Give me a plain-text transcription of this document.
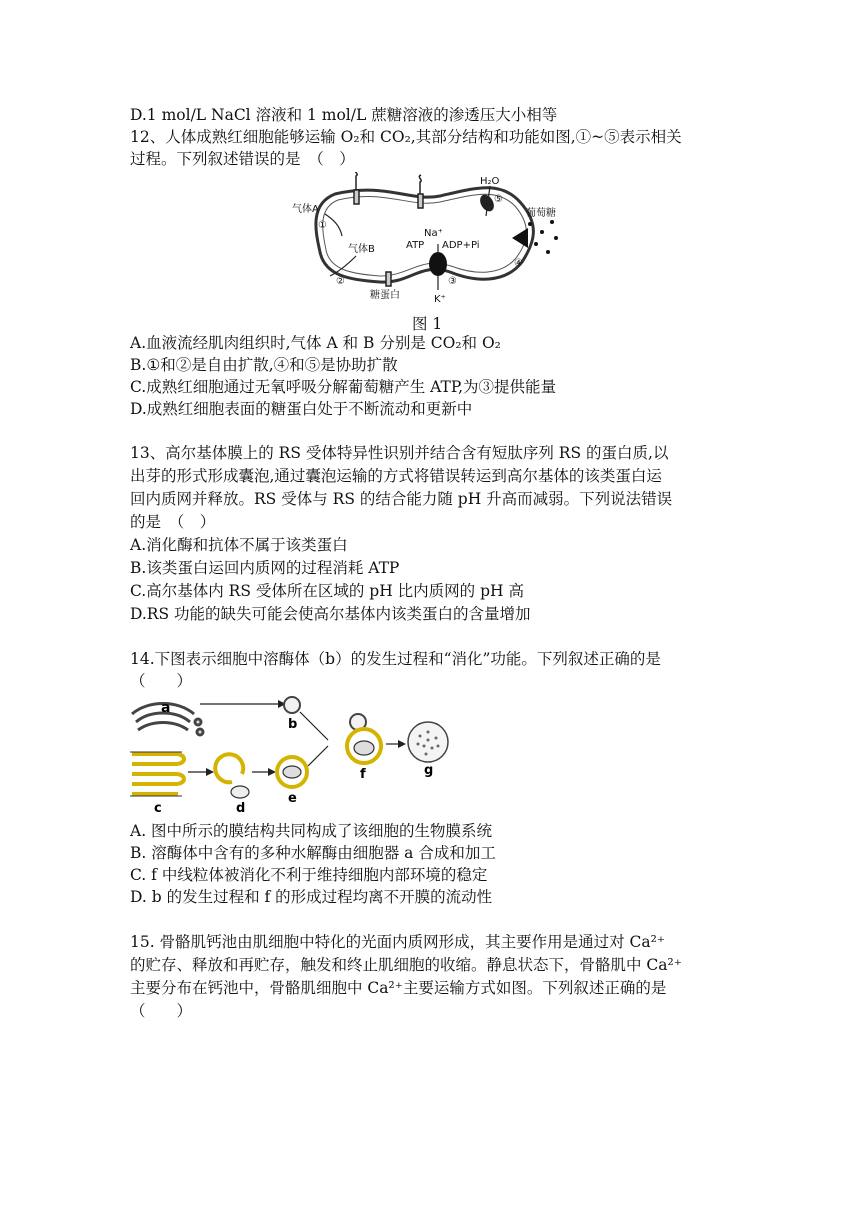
D.1 mol/L NaCl 溶液和 1 mol/L 蔗糖溶液的渗透压大小相等
12、人体成熟红细胞能够运输 O₂和 CO₂,其部分结构和功能如图,①~⑤表示相关
过程。下列叙述错误的是　（　）
气体A
①
气体B
②
糖蛋白
H₂O
⑤
葡萄糖
④
Na⁺
ATP ADP+Pi
③
K⁺
图 1
A.血液流经肌肉组织时,气体 A 和 B 分别是 CO₂和 O₂
B.①和②是自由扩散,④和⑤是协助扩散
C.成熟红细胞通过无氧呼吸分解葡萄糖产生 ATP,为③提供能量
D.成熟红细胞表面的糖蛋白处于不断流动和更新中
13、高尔基体膜上的 RS 受体特异性识别并结合含有短肽序列 RS 的蛋白质,以
出芽的形式形成囊泡,通过囊泡运输的方式将错误转运到高尔基体的该类蛋白运
回内质网并释放。RS 受体与 RS 的结合能力随 pH 升高而减弱。下列说法错误
的是　（　）
A.消化酶和抗体不属于该类蛋白
B.该类蛋白运回内质网的过程消耗 ATP
C.高尔基体内 RS 受体所在区域的 pH 比内质网的 pH 高
D.RS 功能的缺失可能会使高尔基体内该类蛋白的含量增加
14.下图表示细胞中溶酶体（b）的发生过程和“消化”功能。下列叙述正确的是
（　　）
a
b
c	d
e
f	g
A. 图中所示的膜结构共同构成了该细胞的生物膜系统
B. 溶酶体中含有的多种水解酶由细胞器 a 合成和加工
C. f 中线粒体被消化不利于维持细胞内部环境的稳定
D. b 的发生过程和 f 的形成过程均离不开膜的流动性
15. 骨骼肌钙池由肌细胞中特化的光面内质网形成，其主要作用是通过对 Ca²⁺
的贮存、释放和再贮存，触发和终止肌细胞的收缩。静息状态下，骨骼肌中 Ca²⁺
主要分布在钙池中，骨骼肌细胞中 Ca²⁺主要运输方式如图。下列叙述正确的是
（　　）
